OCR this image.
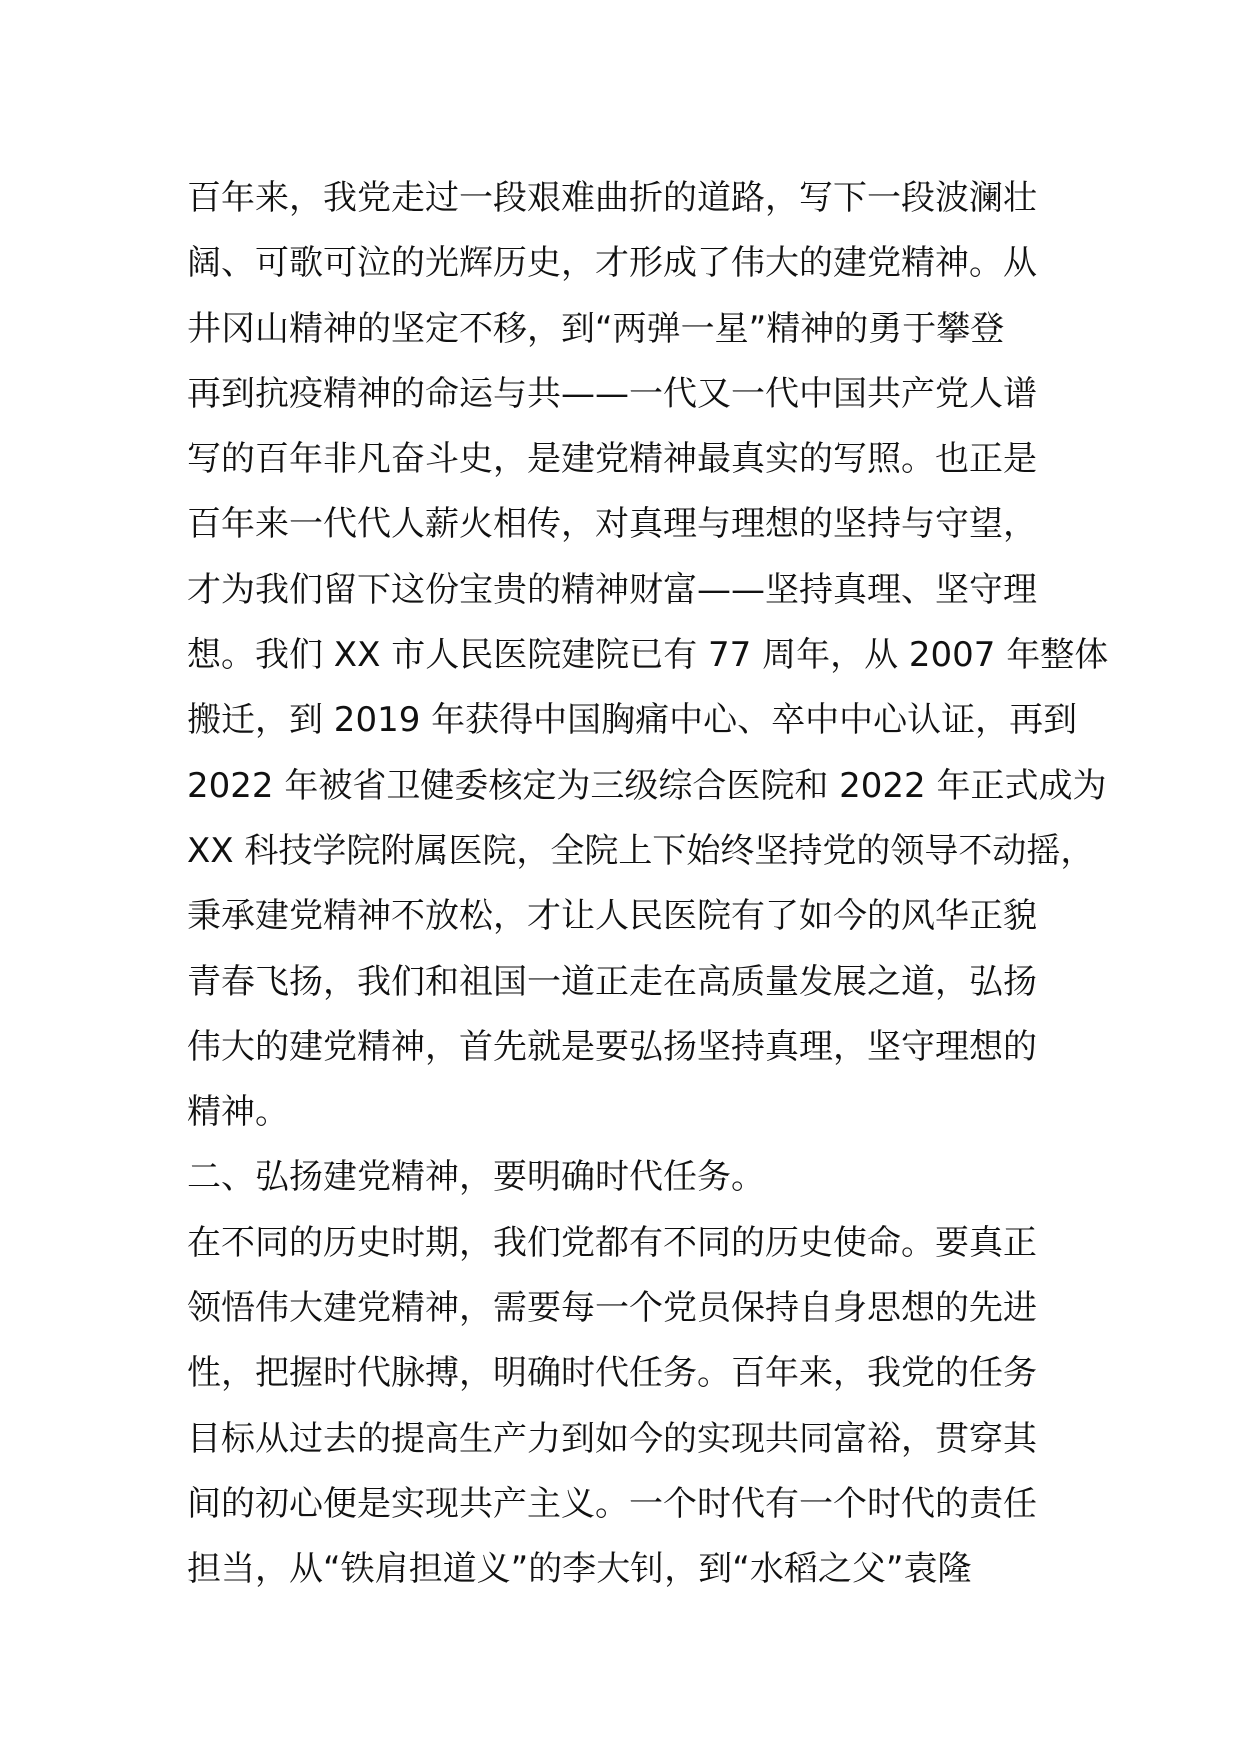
百年来，我党走过一段艰难曲折的道路，写下一段波澜壮
阔、可歌可泣的光辉历史，才形成了伟大的建党精神。从
井冈山精神的坚定不移，到“两弹一星”精神的勇于攀登
再到抗疫精神的命运与共——一代又一代中国共产党人谱
写的百年非凡奋斗史，是建党精神最真实的写照。也正是
百年来一代代人薪火相传，对真理与理想的坚持与守望，
才为我们留下这份宝贵的精神财富——坚持真理、坚守理
想。我们 XX 市人民医院建院已有 77 周年，从 2007 年整体
搬迁，到 2019 年获得中国胸痛中心、卒中中心认证，再到
2022 年被省卫健委核定为三级综合医院和 2022 年正式成为
XX 科技学院附属医院，全院上下始终坚持党的领导不动摇，
秉承建党精神不放松，才让人民医院有了如今的风华正貌
青春飞扬，我们和祖国一道正走在高质量发展之道，弘扬
伟大的建党精神，首先就是要弘扬坚持真理，坚守理想的
精神。
二、弘扬建党精神，要明确时代任务。
在不同的历史时期，我们党都有不同的历史使命。要真正
领悟伟大建党精神，需要每一个党员保持自身思想的先进
性，把握时代脉搏，明确时代任务。百年来，我党的任务
目标从过去的提高生产力到如今的实现共同富裕，贯穿其
间的初心便是实现共产主义。一个时代有一个时代的责任
担当，从“铁肩担道义”的李大钊，到“水稻之父”袁隆
